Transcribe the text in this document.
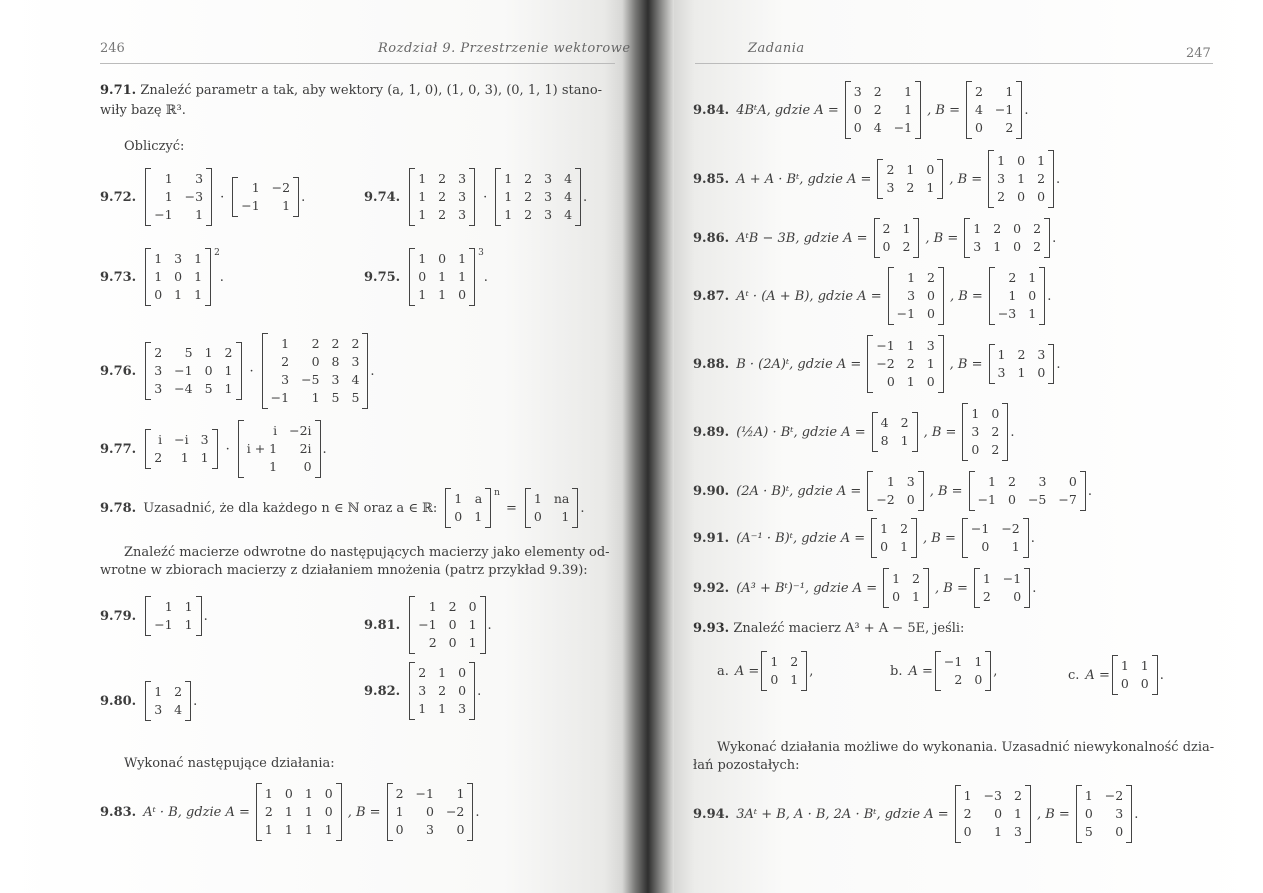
246	Rozdział 9. Przestrzenie wektorowe
9.71. Znaleźć parametr a tak, aby wektory (a, 1, 0), (1, 0, 3), (0, 1, 1) stano-
wiły bazę ℝ³.
Obliczyć:
9.72.
1	3
1 −3
−1	1
·
1 −2
−1	1
.	9.74.
1 2 3
1 2 3
1 2 3
·
1 2 3 4
1 2 3 4
1 2 3 4
.
9.73.
1 3 1
1 0 1
0 1 1
2
.	9.75.
1 0 1
0 1 1
1 1 0
3
.
9.76.
2	5 1 2
3 −1 0 1
3 −4 5 1
·
1	2 2 2
2	0 8 3
3 −5 3 4
−1	1 5 5
.
9.77.
i −i 3
2	1 1
·
i −2i
i + 1	2i
1	0
.
9.78. Uzasadnić, że dla każdego n ∈ ℕ oraz a ∈ ℝ:
1 a
0 1
n
=
1 na
0	1
.
Znaleźć macierze odwrotne do następujących macierzy jako elementy od-
wrotne w zbiorach macierzy z działaniem mnożenia (patrz przykład 9.39):
9.79.
1 1
−1 1
.
9.81.
1 2 0
−1 0 1
2 0 1
.
9.80.
1 2
3 4
.
9.82.
2 1 0
3 2 0
1 1 3
.
Wykonać następujące działania:
9.83. Aᵗ · B, gdzie A =
1 0 1 0
2 1 1 0
1 1 1 1
, B =
2 −1	1
1	0 −2
0	3	0
.
Zadania	247
9.84. 4BᵗA, gdzie A =
3 2	1
0 2	1
0 4 −1
, B =
2	1
4 −1
0	2
.
9.85. A + A · Bᵗ, gdzie A =
2 1 0
3 2 1
, B =
1 0 1
3 1 2
2 0 0
.
9.86. AᵗB − 3B, gdzie A =
2 1
0 2
, B =
1 2 0 2
3 1 0 2
.
9.87. Aᵗ · (A + B), gdzie A =
1 2
3 0
−1 0
, B =
2 1
1 0
−3 1
.
9.88. B · (2A)ᵗ, gdzie A =
−1 1 3
−2 2 1
0 1 0
, B =
1 2 3
3 1 0
.
9.89. (½A) · Bᵗ, gdzie A =
4 2
8 1
, B =
1 0
3 2
0 2
.
9.90. (2A · B)ᵗ, gdzie A =
1 3
−2 0
, B =
1 2	3	0
−1 0 −5 −7
.
9.91. (A⁻¹ · B)ᵗ, gdzie A =
1 2
0 1
, B =
−1 −2
0	1
.
9.92. (A³ + Bᵗ)⁻¹, gdzie A =
1 2
0 1
, B =
1 −1
2	0
.
9.93. Znaleźć macierz A³ + A − 5E, jeśli:
a. A =
1 2
0 1
,	b. A =
−1 1
2 0
,	c. A =
1 1
0 0
.
Wykonać działania możliwe do wykonania. Uzasadnić niewykonalność dzia-
łań pozostałych:
9.94. 3Aᵗ + B, A · B, 2A · Bᵗ, gdzie A =
1 −3 2
2	0 1
0	1 3
, B =
1 −2
0	3
5	0
.
